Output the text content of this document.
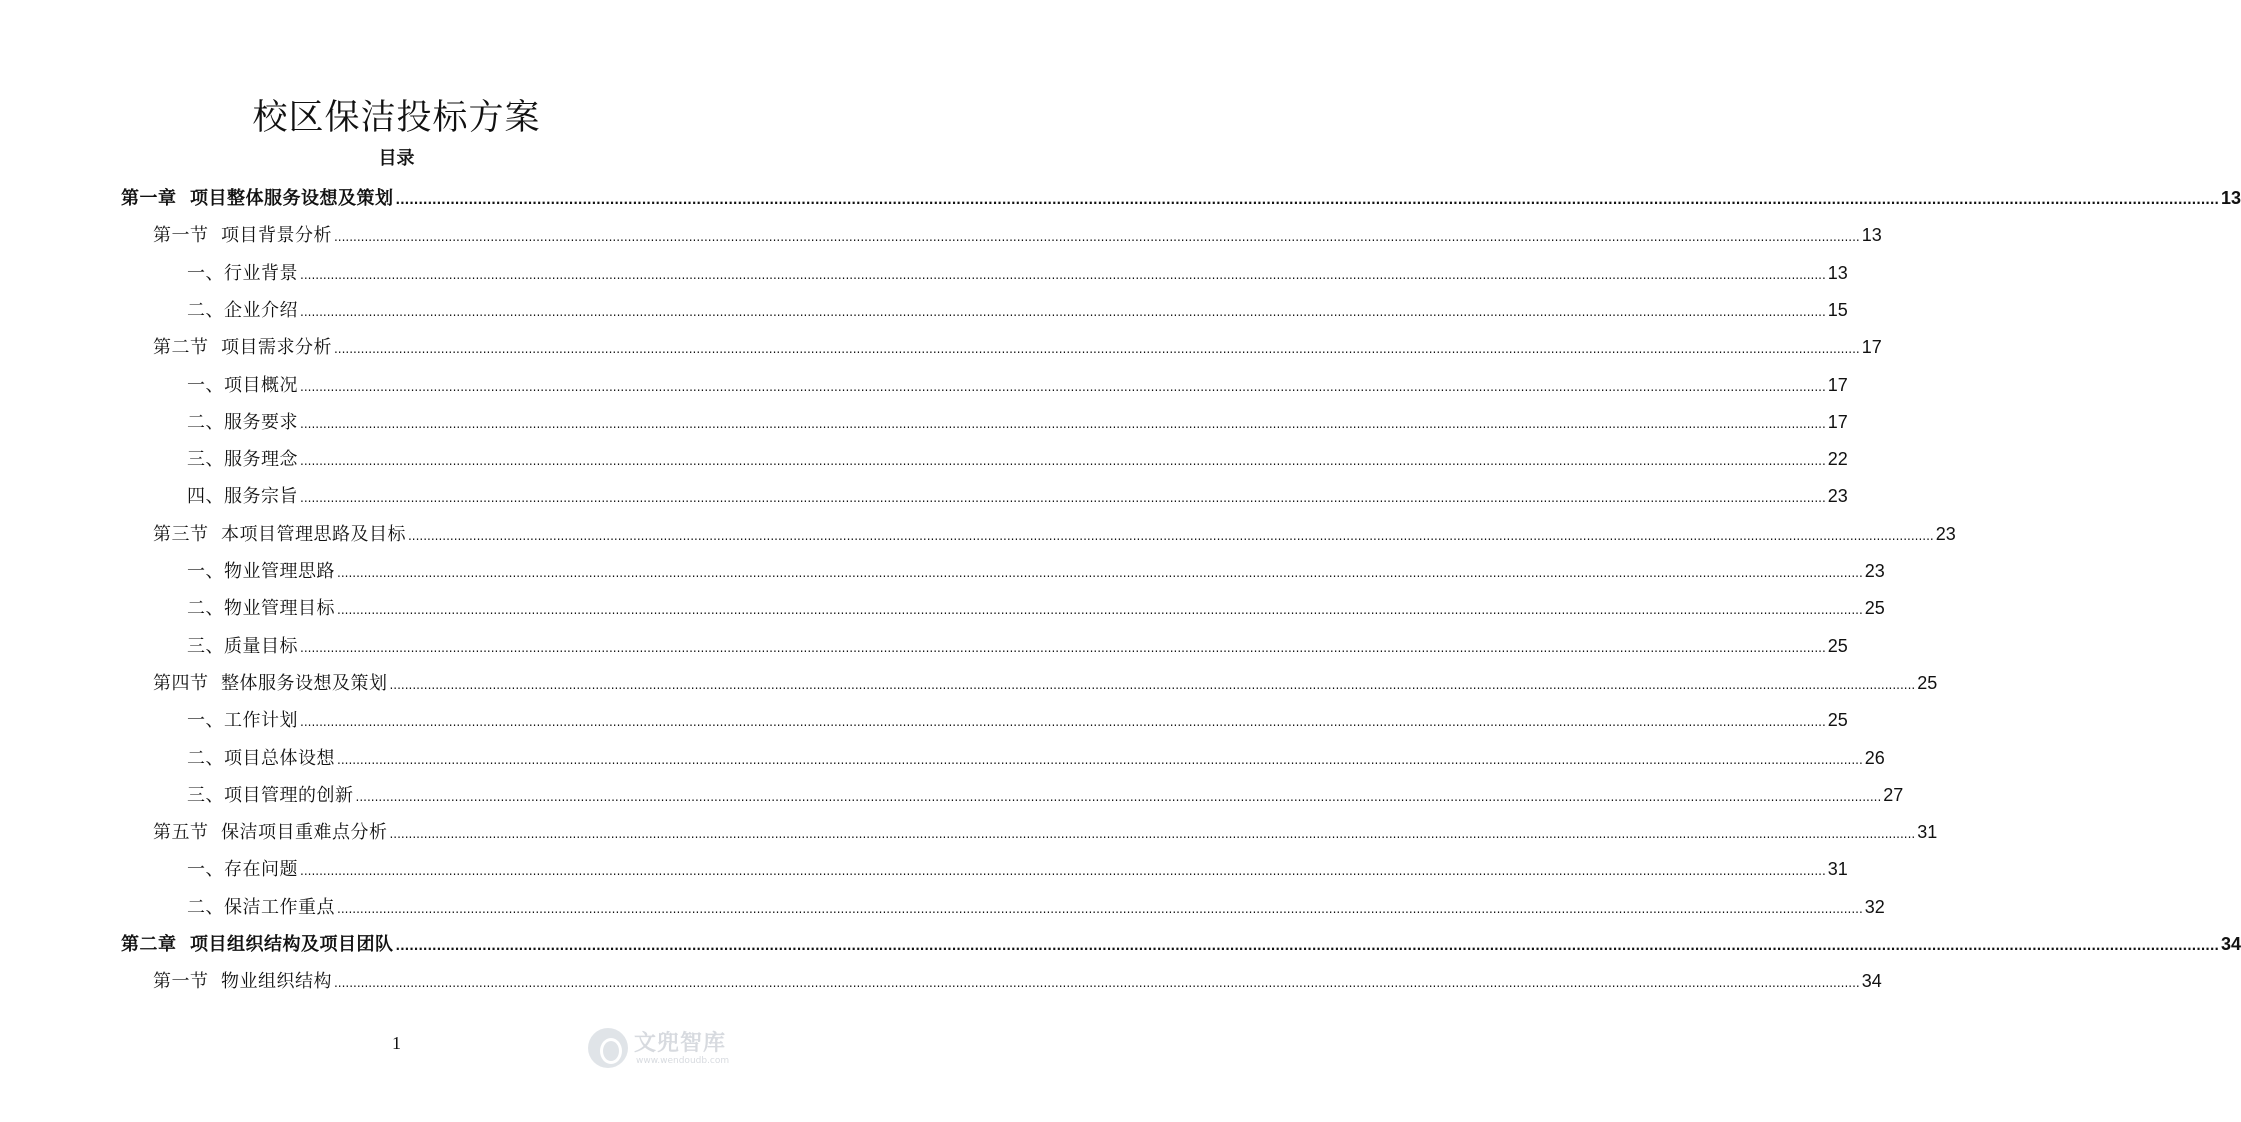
校区保洁投标方案
目录
第一章  项目整体服务设想及策划 ................................................................................................................................................................................................................................................................................................................................................................................................................ 13
第一节  项目背景分析 ................................................................................................................................................................................................................................................................................................................................................................................................................ 13
一、行业背景 ................................................................................................................................................................................................................................................................................................................................................................................................................ 13
二、企业介绍 ................................................................................................................................................................................................................................................................................................................................................................................................................ 15
第二节  项目需求分析 ................................................................................................................................................................................................................................................................................................................................................................................................................ 17
一、项目概况 ................................................................................................................................................................................................................................................................................................................................................................................................................ 17
二、服务要求 ................................................................................................................................................................................................................................................................................................................................................................................................................ 17
三、服务理念 ................................................................................................................................................................................................................................................................................................................................................................................................................ 22
四、服务宗旨 ................................................................................................................................................................................................................................................................................................................................................................................................................ 23
第三节  本项目管理思路及目标 ................................................................................................................................................................................................................................................................................................................................................................................................................ 23
一、物业管理思路 ................................................................................................................................................................................................................................................................................................................................................................................................................ 23
二、物业管理目标 ................................................................................................................................................................................................................................................................................................................................................................................................................ 25
三、质量目标 ................................................................................................................................................................................................................................................................................................................................................................................................................ 25
第四节  整体服务设想及策划 ................................................................................................................................................................................................................................................................................................................................................................................................................ 25
一、工作计划 ................................................................................................................................................................................................................................................................................................................................................................................................................ 25
二、项目总体设想 ................................................................................................................................................................................................................................................................................................................................................................................................................ 26
三、项目管理的创新 ................................................................................................................................................................................................................................................................................................................................................................................................................ 27
第五节  保洁项目重难点分析 ................................................................................................................................................................................................................................................................................................................................................................................................................ 31
一、存在问题 ................................................................................................................................................................................................................................................................................................................................................................................................................ 31
二、保洁工作重点 ................................................................................................................................................................................................................................................................................................................................................................................................................ 32
第二章  项目组织结构及项目团队 ................................................................................................................................................................................................................................................................................................................................................................................................................ 34
第一节  物业组织结构 ................................................................................................................................................................................................................................................................................................................................................................................................................ 34
1	文兜智库
www.wendoudb.com
